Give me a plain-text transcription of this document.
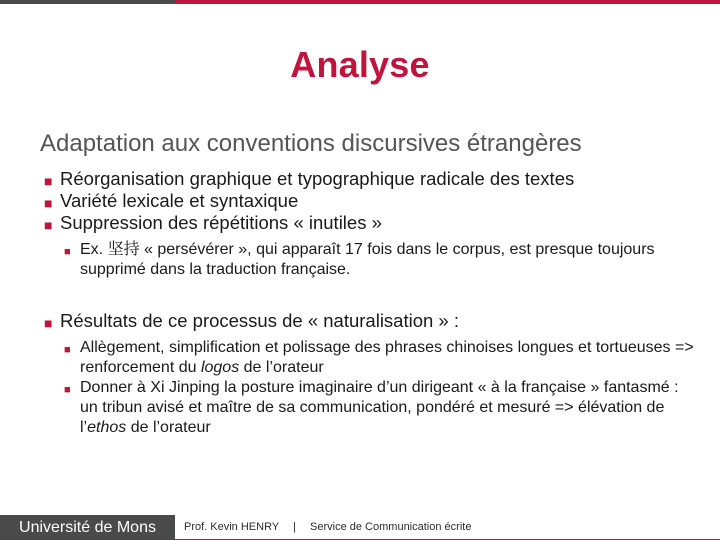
Analyse
Adaptation aux conventions discursives étrangères
■ Réorganisation graphique et typographique radicale des textes
■ Variété lexicale et syntaxique
■ Suppression des répétitions « inutiles »
■ Ex. 坚持 « persévérer », qui apparaît 17 fois dans le corpus, est presque toujours supprimé dans la traduction française.
■ Résultats de ce processus de « naturalisation » :
■ Allègement, simplification et polissage des phrases chinoises longues et tortueuses => renforcement du logos de l’orateur
■ Donner à Xi Jinping la posture imaginaire d’un dirigeant « à la française » fantasmé : un tribun avisé et maître de sa communication, pondéré et mesuré => élévation de l’ethos de l’orateur
Université de Mons	Prof. Kevin HENRY | Service de Communication écrite
